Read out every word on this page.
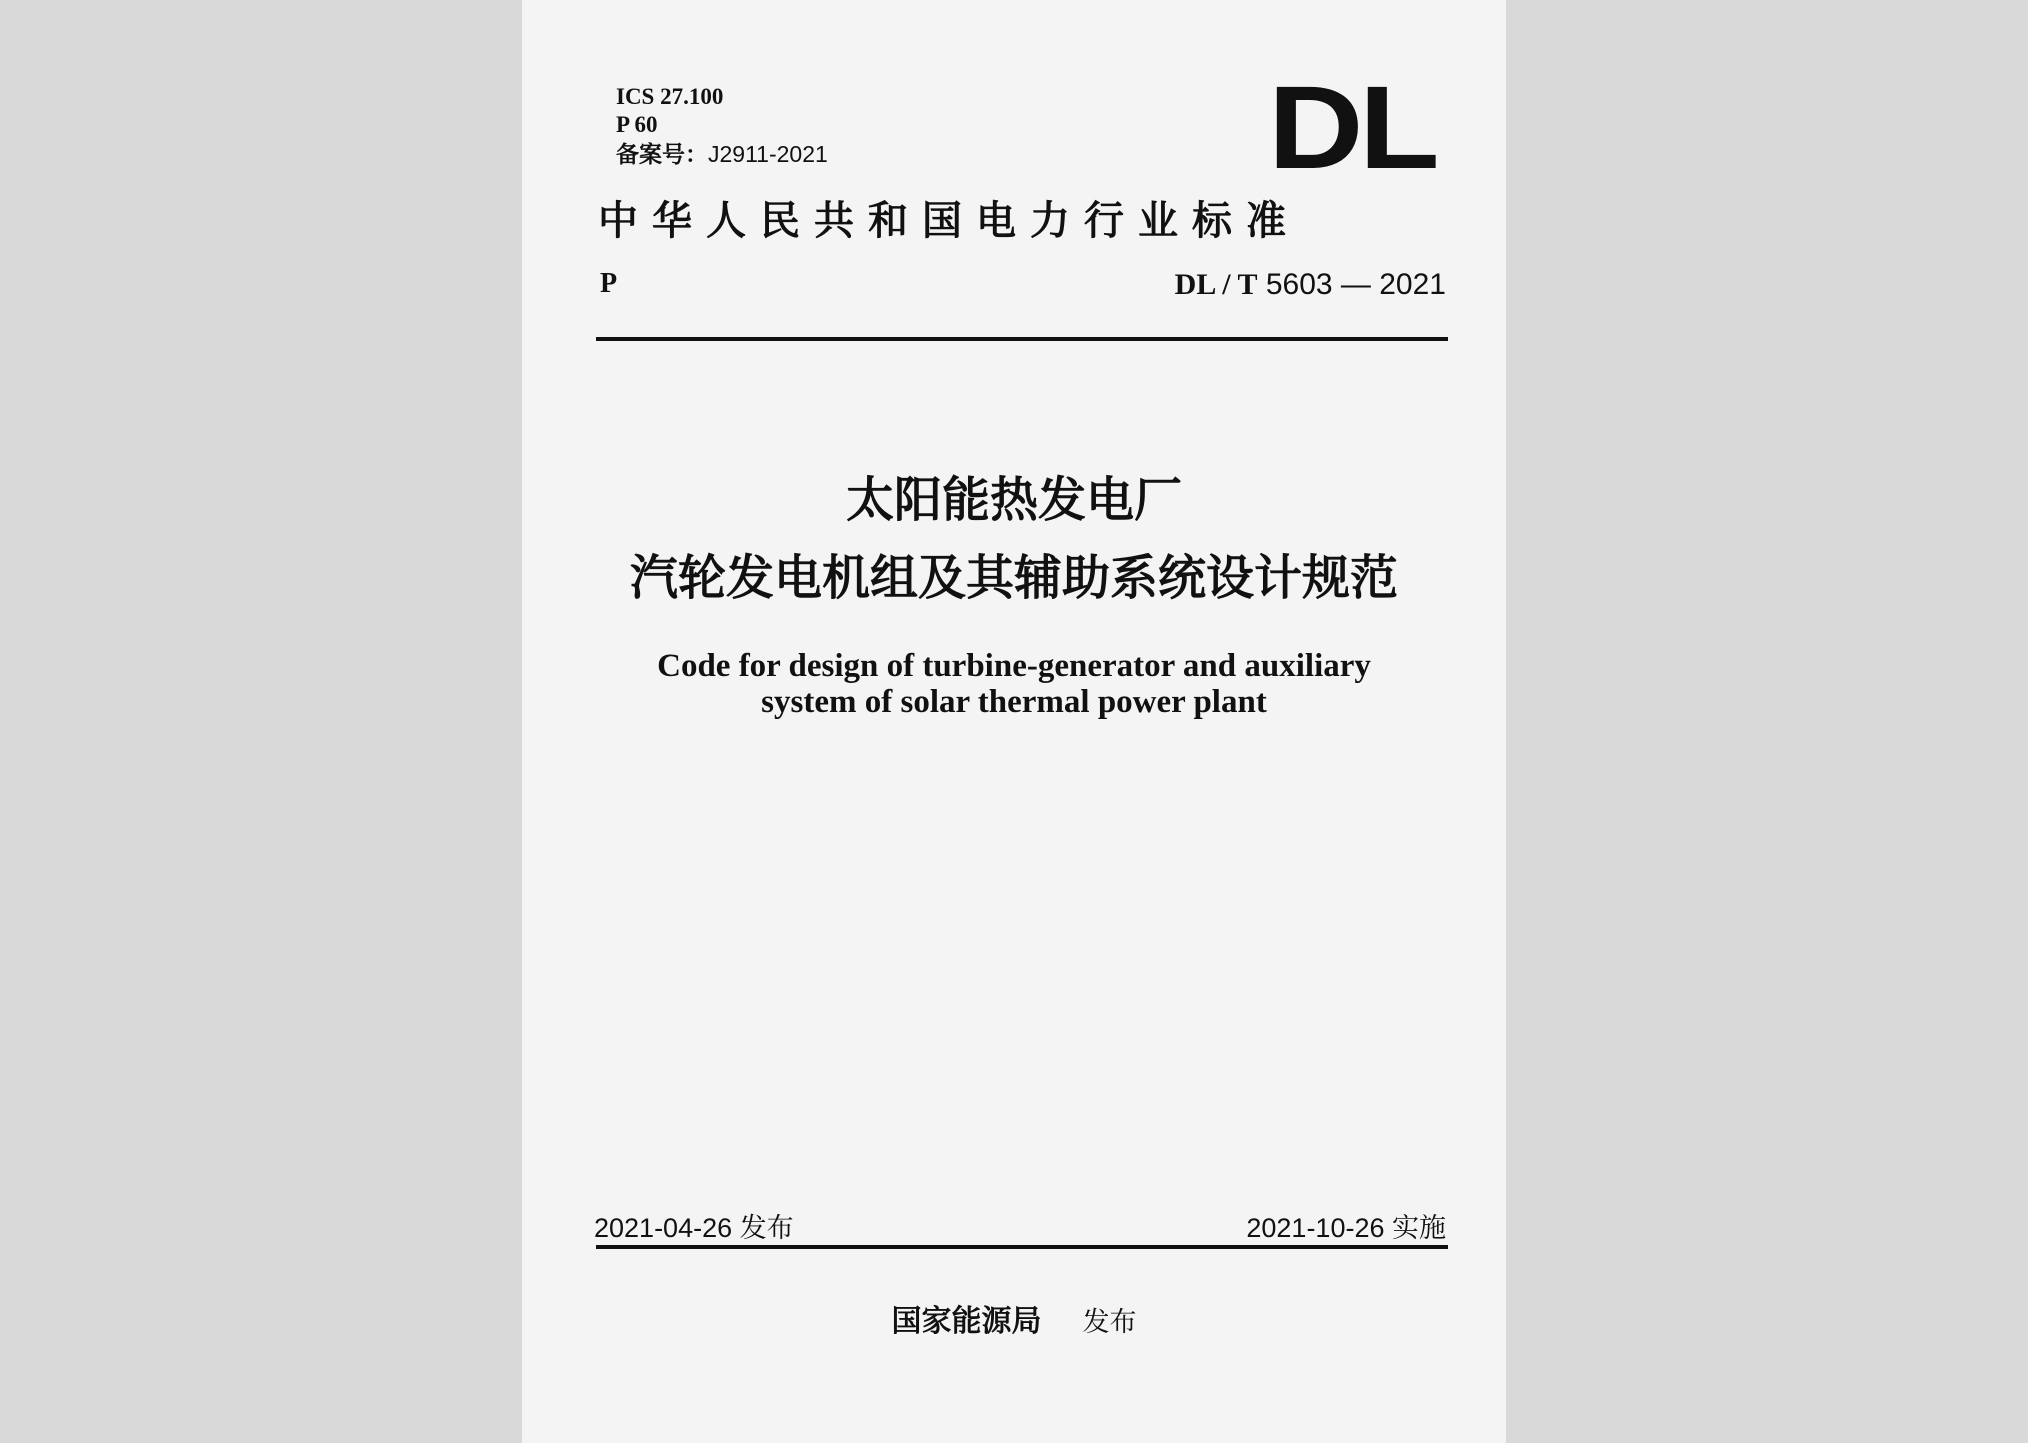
ICS 27.100
P 60
备案号：J2911-2021	DL
中华人民共和国电力行业标准
P	DL / T 5603 — 2021
太阳能热发电厂
汽轮发电机组及其辅助系统设计规范
Code for design of turbine-generator and auxiliary
system of solar thermal power plant
2021-04-26 发布	2021-10-26 实施
国家能源局 发布
